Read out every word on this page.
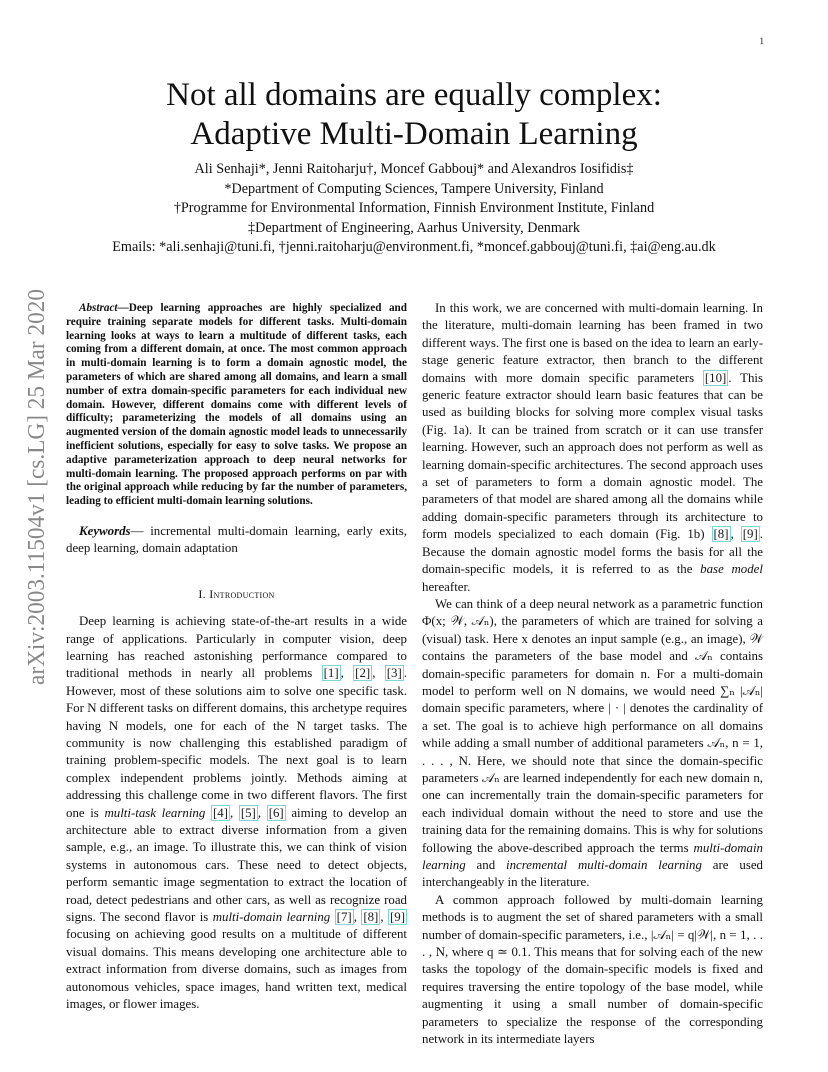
1
arXiv:2003.11504v1 [cs.LG] 25 Mar 2020
Not all domains are equally complex:
Adaptive Multi-Domain Learning
Ali Senhaji*, Jenni Raitoharju†, Moncef Gabbouj* and Alexandros Iosifidis‡
*Department of Computing Sciences, Tampere University, Finland
†Programme for Environmental Information, Finnish Environment Institute, Finland
‡Department of Engineering, Aarhus University, Denmark
Emails: *ali.senhaji@tuni.fi, †jenni.raitoharju@environment.fi, *moncef.gabbouj@tuni.fi, ‡ai@eng.au.dk

Abstract—Deep learning approaches are highly specialized and require training separate models for different tasks. Multi-domain learning looks at ways to learn a multitude of different tasks, each coming from a different domain, at once. The most common approach in multi-domain learning is to form a domain agnostic model, the parameters of which are shared among all domains, and learn a small number of extra domain-specific parameters for each individual new domain. However, different domains come with different levels of difficulty; parameterizing the models of all domains using an augmented version of the domain agnostic model leads to unnecessarily inefficient solutions, especially for easy to solve tasks. We propose an adaptive parameterization approach to deep neural networks for multi-domain learning. The proposed approach performs on par with the original approach while reducing by far the number of parameters, leading to efficient multi-domain learning solutions.

Keywords— incremental multi-domain learning, early exits, deep learning, domain adaptation

I. Introduction

Deep learning is achieving state-of-the-art results in a wide range of applications. Particularly in computer vision, deep learning has reached astonishing performance compared to traditional methods in nearly all problems [1] , [2] , [3] . However, most of these solutions aim to solve one specific task. For N different tasks on different domains, this archetype requires having N models, one for each of the N target tasks. The community is now challenging this established paradigm of training problem-specific models. The next goal is to learn complex independent problems jointly. Methods aiming at addressing this challenge come in two different flavors. The first one is multi-task learning [4] , [5] , [6] aiming to develop an architecture able to extract diverse information from a given sample, e.g., an image. To illustrate this, we can think of vision systems in autonomous cars. These need to detect objects, perform semantic image segmentation to extract the location of road, detect pedestrians and other cars, as well as recognize road signs. The second flavor is multi-domain learning [7] , [8] , [9] focusing on achieving good results on a multitude of different visual domains. This means developing one architecture able to extract information from diverse domains, such as images from autonomous vehicles, space images, hand written text, medical images, or flower images.

In this work, we are concerned with multi-domain learning. In the literature, multi-domain learning has been framed in two different ways. The first one is based on the idea to learn an early-stage generic feature extractor, then branch to the different domains with more domain specific parameters [10] . This generic feature extractor should learn basic features that can be used as building blocks for solving more complex visual tasks (Fig. 1a). It can be trained from scratch or it can use transfer learning. However, such an approach does not perform as well as learning domain-specific architectures. The second approach uses a set of parameters to form a domain agnostic model. The parameters of that model are shared among all the domains while adding domain-specific parameters through its architecture to form models specialized to each domain (Fig. 1b) [8] , [9] . Because the domain agnostic model forms the basis for all the domain-specific models, it is referred to as the base model hereafter.

We can think of a deep neural network as a parametric function Φ(x; 𝒲, 𝒜ₙ), the parameters of which are trained for solving a (visual) task. Here x denotes an input sample (e.g., an image), 𝒲 contains the parameters of the base model and 𝒜ₙ contains domain-specific parameters for domain n. For a multi-domain model to perform well on N domains, we would need ∑ₙ |𝒜ₙ| domain specific parameters, where | · | denotes the cardinality of a set. The goal is to achieve high performance on all domains while adding a small number of additional parameters 𝒜ₙ, n = 1, . . . , N. Here, we should note that since the domain-specific parameters 𝒜ₙ are learned independently for each new domain n, one can incrementally train the domain-specific parameters for each individual domain without the need to store and use the training data for the remaining domains. This is why for solutions following the above-described approach the terms multi-domain learning and incremental multi-domain learning are used interchangeably in the literature.

A common approach followed by multi-domain learning methods is to augment the set of shared parameters with a small number of domain-specific parameters, i.e., |𝒜ₙ| = q|𝒲|, n = 1, . . . , N, where q ≃ 0.1. This means that for solving each of the new tasks the topology of the domain-specific models is fixed and requires traversing the entire topology of the base model, while augmenting it using a small number of domain-specific parameters to specialize the response of the corresponding network in its intermediate layers
